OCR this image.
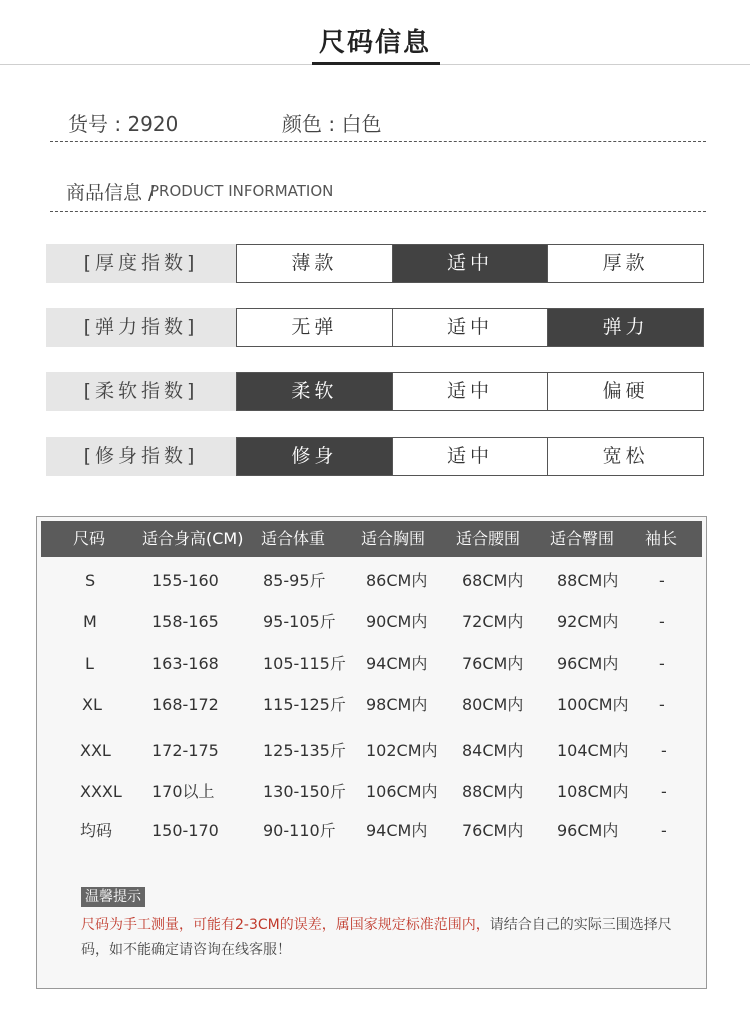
尺码信息
货号 : 2920	颜色 : 白色
商品信息 /
PRODUCT INFORMATION
[厚度指数]	薄款	适中	厚款
[弹力指数]	无弹	适中	弹力
[柔软指数]	柔软	适中	偏硬
[修身指数]	修身	适中	宽松
尺码 适合身高(CM) 适合体重 适合胸围 适合腰围 适合臀围 袖长
S	155-160	85-95斤	86CM内 68CM内 88CM内	-
M	158-165	95-105斤 90CM内 72CM内 92CM内	-
L	163-168	105-115斤 94CM内 76CM内 96CM内	-
XL	168-172	115-125斤 98CM内 80CM内 100CM内 -
XXL	172-175	125-135斤 102CM内 84CM内 104CM内 -
XXXL 170以上	130-150斤 106CM内 88CM内 108CM内 -
均码 150-170	90-110斤 94CM内 76CM内 96CM内	-
温馨提示
尺码为手工测量，可能有2-3CM的误差，属国家规定标准范围内，请结合自己的实际三围选择尺码，如不能确定请咨询在线客服！
